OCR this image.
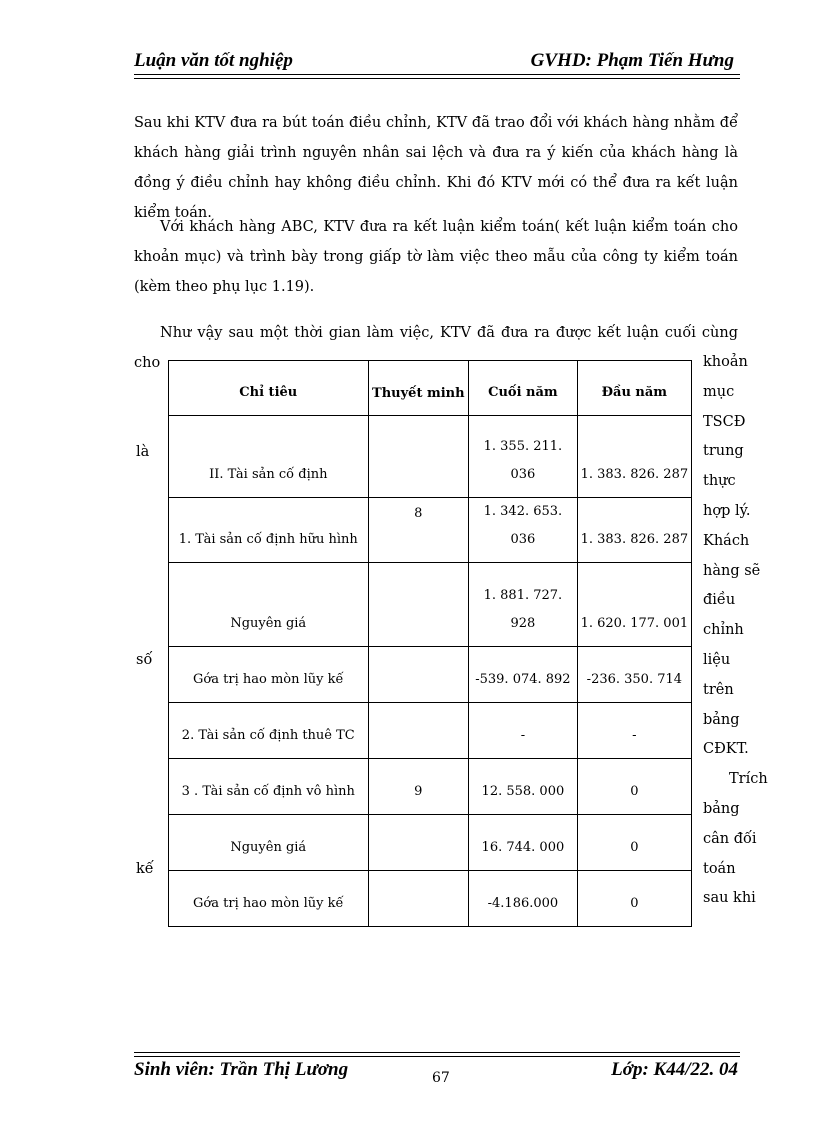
Luận văn tốt nghiệp	GVHD: Phạm Tiến Hưng
Sau khi KTV đưa ra bút toán điều chỉnh, KTV đã trao đổi với khách hàng nhằm để khách hàng giải trình nguyên nhân sai lệch và đưa ra ý kiến của khách hàng là đồng ý điều chỉnh hay không điều chỉnh. Khi đó KTV mới có thể đưa ra kết luận kiểm toán.
Với khách hàng ABC, KTV đưa ra kết luận kiểm toán( kết luận kiểm toán cho khoản mục) và trình bày trong giấp tờ làm việc theo mẫu của công ty kiểm toán (kèm theo phụ lục 1.19).
Như vậy sau một thời gian làm việc, KTV đã đưa ra được kết luận cuối cùng cho	khoản
mục
TSCĐ
trung
thực
hợp lý.
Khách
hàng sẽ
điều
chỉnh
liệu
trên
bảng
CĐKT.
Trích
bảng
cân đối
toán
sau khi
là
số
kế
Chỉ tiêu	Thuyết minh	Cuối năm	Đầu năm
II. Tài sản cố định		1. 355. 211. 036	1. 383. 826. 287
1. Tài sản cố định hữu hình	8	1. 342. 653. 036	1. 383. 826. 287
Nguyên giá		1. 881. 727. 928	1. 620. 177. 001
Gớa trị hao mòn lũy kế		-539. 074. 892	-236. 350. 714
2. Tài sản cố định thuê TC		-	-
3 . Tài sản cố định vô hình	9	12. 558. 000	0
Nguyên giá		16. 744. 000	0
Gớa trị hao mòn lũy kế		-4.186.000	0
Sinh viên: Trần Thị Lương	Lớp: K44/22. 04
67
